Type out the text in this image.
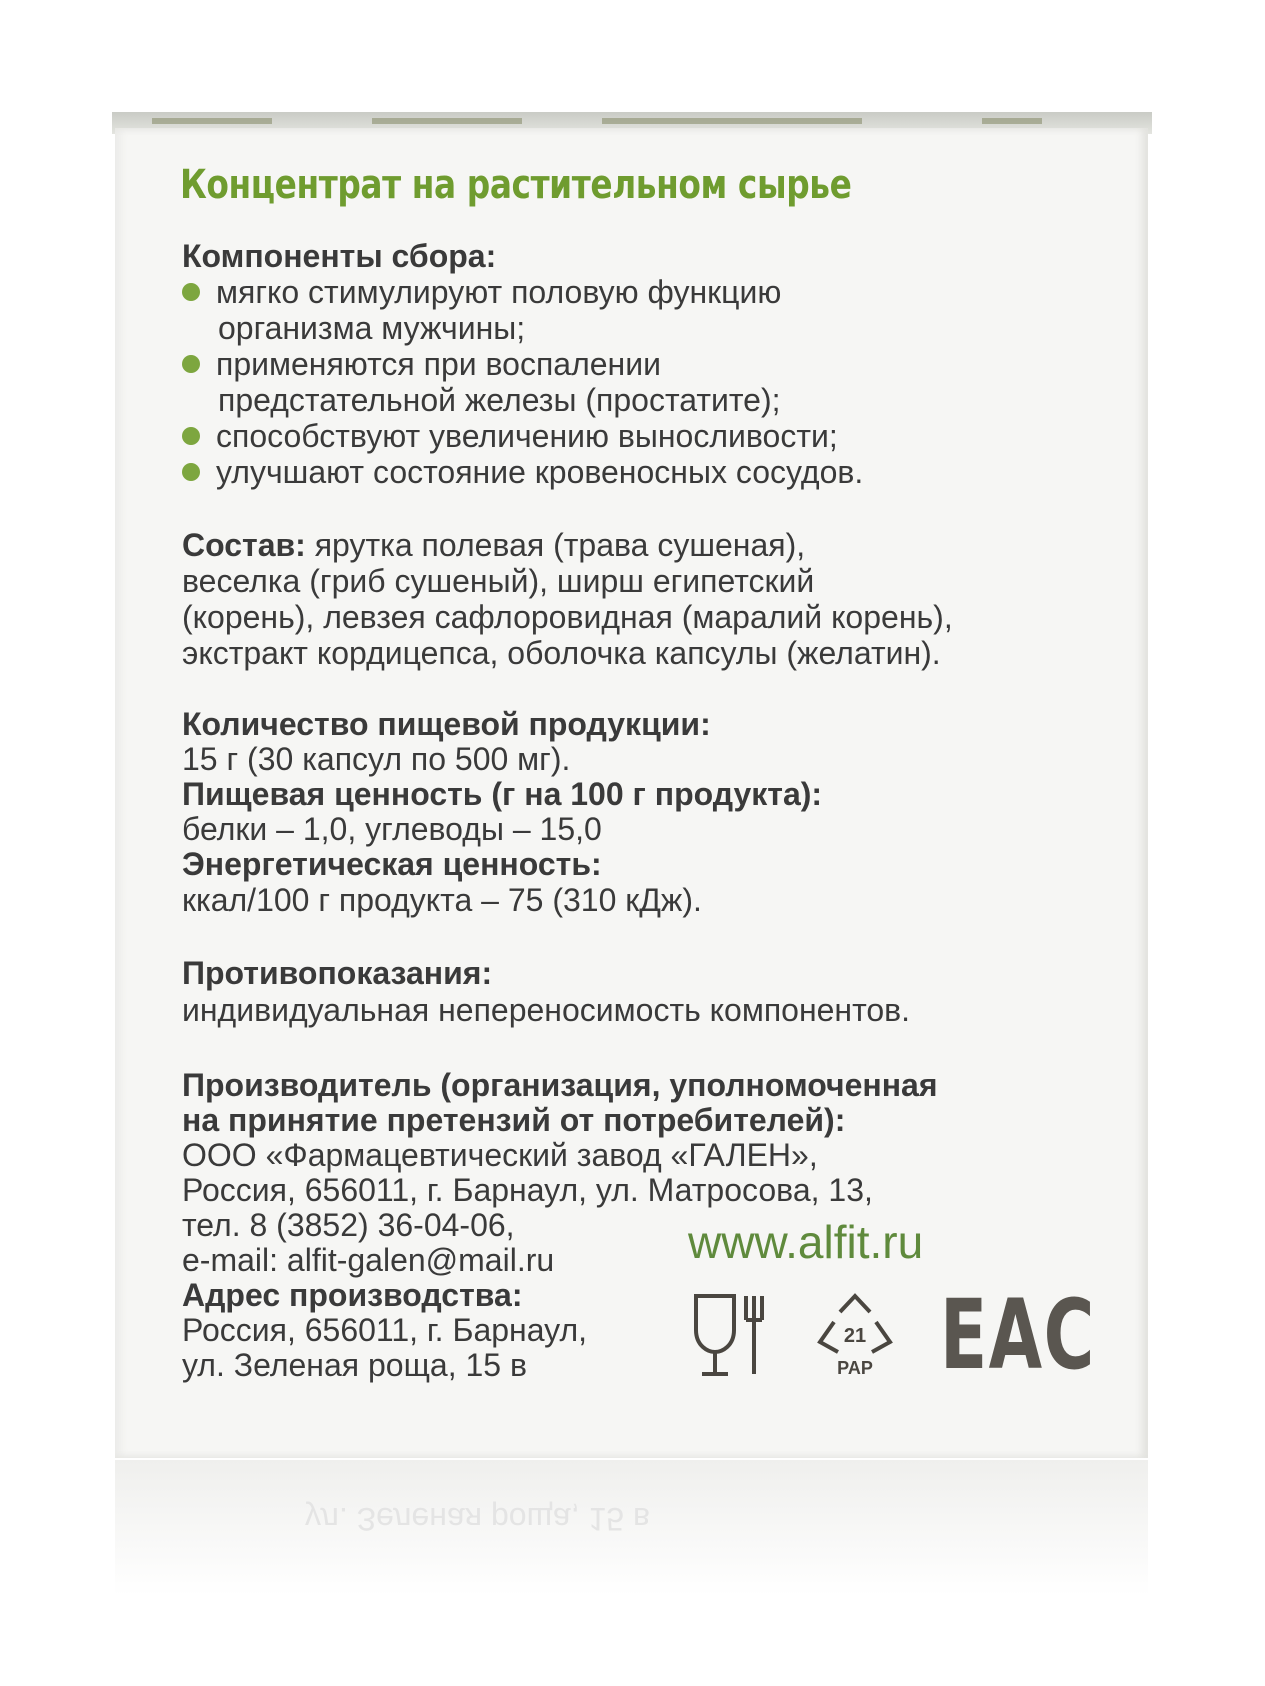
ул. Зеленая роща, 15 в
Концентрат на растительном сырье
Компоненты сбора:
мягко стимулируют половую функцию
организма мужчины;
применяются при воспалении
предстательной железы (простатите);
способствуют увеличению выносливости;
улучшают состояние кровеносных сосудов.
Состав: ярутка полевая (трава сушеная),
веселка (гриб сушеный), ширш египетский
(корень), левзея сафлоровидная (маралий корень),
экстракт кордицепса, оболочка капсулы (желатин).
Количество пищевой продукции:
15 г (30 капсул по 500 мг).
Пищевая ценность (г на 100 г продукта):
белки – 1,0, углеводы – 15,0
Энергетическая ценность:
ккал/100 г продукта – 75 (310 кДж).
Противопоказания:
индивидуальная непереносимость компонентов.
Производитель (организация, уполномоченная
на принятие претензий от потребителей):
ООО «Фармацевтический завод «ГАЛЕН»,
Россия, 656011, г. Барнаул, ул. Матросова, 13,
тел. 8 (3852) 36-04-06,
e-mail: alfit-galen@mail.ru
Адрес производства:
Россия, 656011, г. Барнаул,
ул. Зеленая роща, 15 в
www.alfit.ru
21
PAP EAC
